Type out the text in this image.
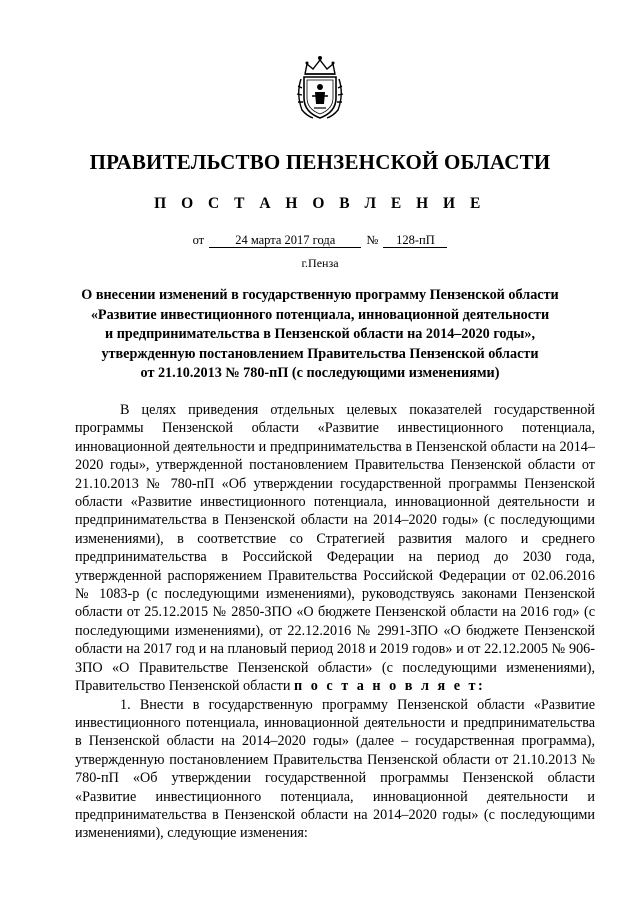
ПРАВИТЕЛЬСТВО ПЕНЗЕНСКОЙ ОБЛАСТИ
П О С Т А Н О В Л Е Н И Е
от 24 марта 2017 года № 128-пП
г.Пенза
О внесении изменений в государственную программу Пензенской области
«Развитие инвестиционного потенциала, инновационной деятельности
и предпринимательства в Пензенской области на 2014–2020 годы»,
утвержденную постановлением Правительства Пензенской области
от 21.10.2013 № 780-пП (с последующими изменениями)

В целях приведения отдельных целевых показателей государственной программы Пензенской области «Развитие инвестиционного потенциала, инновационной деятельности и предпринимательства в Пензенской области на 2014–2020 годы», утвержденной постановлением Правительства Пензенской области от 21.10.2013 № 780-пП «Об утверждении государственной программы Пензенской области «Развитие инвестиционного потенциала, инновационной деятельности и предпринимательства в Пензенской области на 2014–2020 годы» (с последующими изменениями), в соответствие со Стратегией развития малого и среднего предпринимательства в Российской Федерации на период до 2030 года, утвержденной распоряжением Правительства Российской Федерации от 02.06.2016 № 1083-р (с последующими изменениями), руководствуясь законами Пензенской области от 25.12.2015 № 2850-ЗПО «О бюджете Пензенской области на 2016 год» (с последующими изменениями), от 22.12.2016 № 2991-ЗПО «О бюджете Пензенской области на 2017 год и на плановый период 2018 и 2019 годов» и от 22.12.2005 № 906-ЗПО «О Правительстве Пензенской области» (с последующими изменениями), Правительство Пензенской области п о с т а н о в л я е т:

1. Внести в государственную программу Пензенской области «Развитие инвестиционного потенциала, инновационной деятельности и предпринимательства в Пензенской области на 2014–2020 годы» (далее – государственная программа), утвержденную постановлением Правительства Пензенской области от 21.10.2013 № 780-пП «Об утверждении государственной программы Пензенской области «Развитие инвестиционного потенциала, инновационной деятельности и предпринимательства в Пензенской области на 2014–2020 годы» (с последующими изменениями), следующие изменения:
